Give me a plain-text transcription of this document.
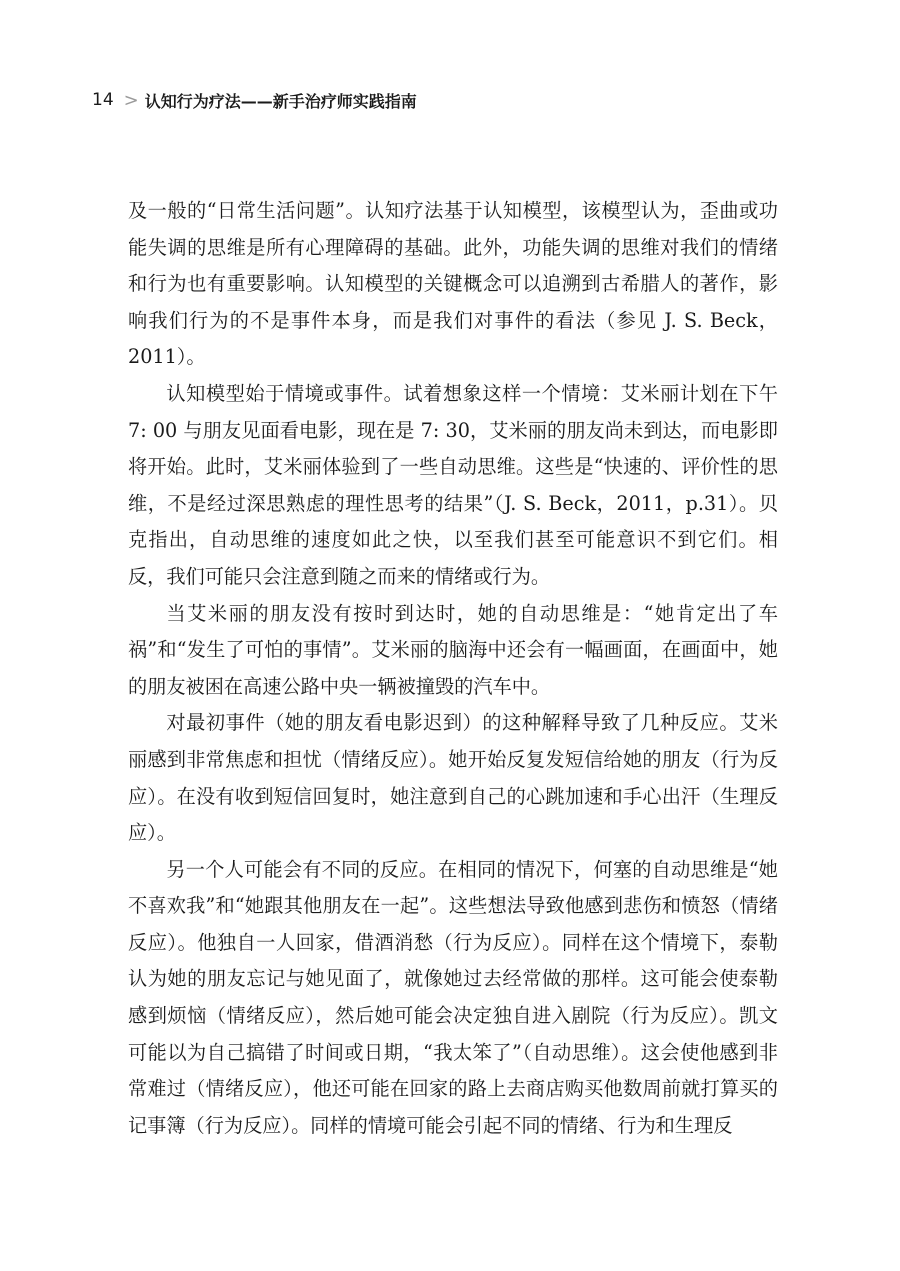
14 > 认知行为疗法——新手治疗师实践指南

及一般的“日常生活问题”。认知疗法基于认知模型，该模型认为，歪曲或功能失调的思维是所有心理障碍的基础。此外，功能失调的思维对我们的情绪和行为也有重要影响。认知模型的关键概念可以追溯到古希腊人的著作，影响我们行为的不是事件本身，而是我们对事件的看法（参见 J. S. Beck，2011）。

认知模型始于情境或事件。试着想象这样一个情境：艾米丽计划在下午 7: 00 与朋友见面看电影，现在是 7: 30，艾米丽的朋友尚未到达，而电影即将开始。此时，艾米丽体验到了一些自动思维。这些是“快速的、评价性的思维，不是经过深思熟虑的理性思考的结果”（J. S. Beck，2011，p.31）。贝克指出，自动思维的速度如此之快，以至我们甚至可能意识不到它们。相反，我们可能只会注意到随之而来的情绪或行为。

当艾米丽的朋友没有按时到达时，她的自动思维是：“她肯定出了车祸”和“发生了可怕的事情”。艾米丽的脑海中还会有一幅画面，在画面中，她的朋友被困在高速公路中央一辆被撞毁的汽车中。

对最初事件（她的朋友看电影迟到）的这种解释导致了几种反应。艾米丽感到非常焦虑和担忧（情绪反应）。她开始反复发短信给她的朋友（行为反应）。在没有收到短信回复时，她注意到自己的心跳加速和手心出汗（生理反应）。

另一个人可能会有不同的反应。在相同的情况下，何塞的自动思维是“她不喜欢我”和“她跟其他朋友在一起”。这些想法导致他感到悲伤和愤怒（情绪反应）。他独自一人回家，借酒消愁（行为反应）。同样在这个情境下，泰勒认为她的朋友忘记与她见面了，就像她过去经常做的那样。这可能会使泰勒感到烦恼（情绪反应），然后她可能会决定独自进入剧院（行为反应）。凯文可能以为自己搞错了时间或日期，“我太笨了”（自动思维）。这会使他感到非常难过（情绪反应），他还可能在回家的路上去商店购买他数周前就打算买的记事簿（行为反应）。同样的情境可能会引起不同的情绪、行为和生理反
